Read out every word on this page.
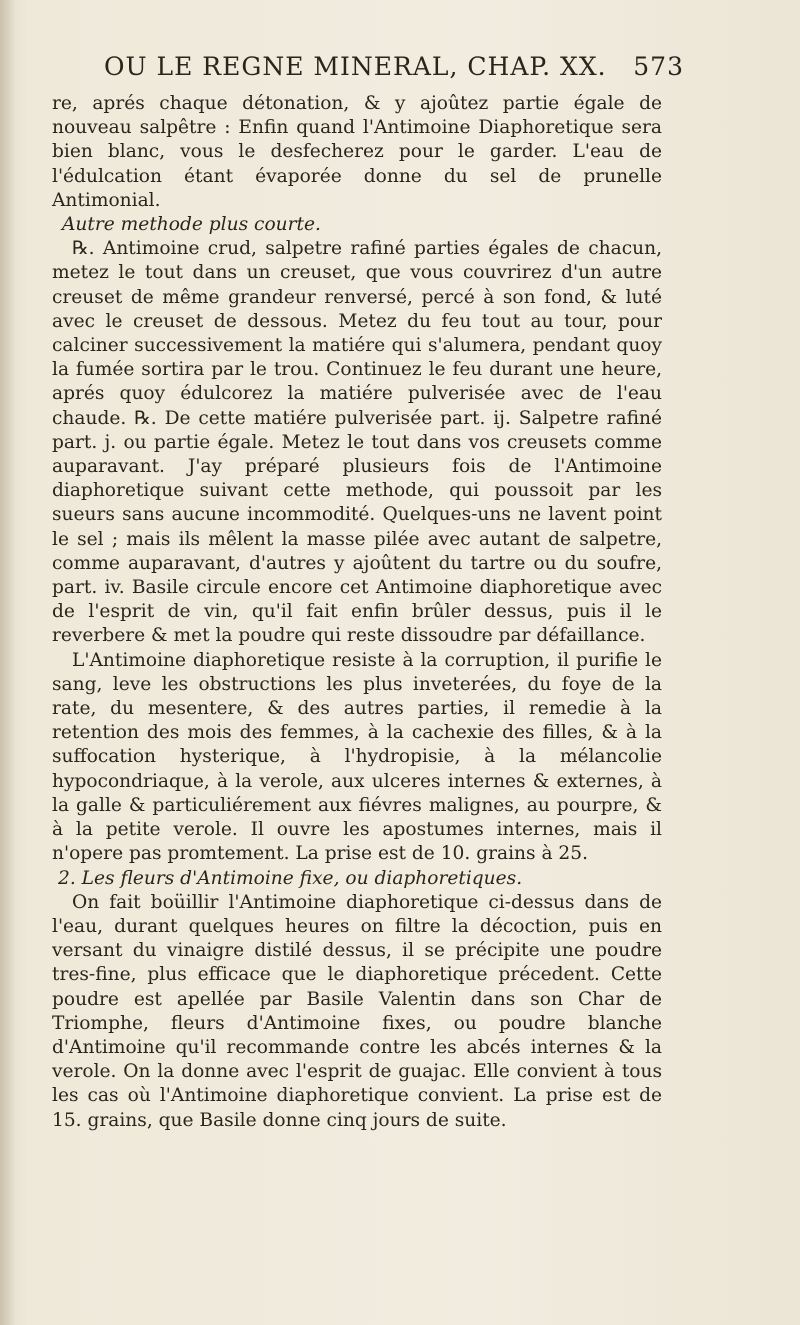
OU LE REGNE MINERAL, CHAP. XX. 573

re, aprés chaque détonation, & y ajoûtez partie égale de nouveau salpêtre : Enfin quand l'Antimoine Diaphoretique sera bien blanc, vous le desfecherez pour le garder. L'eau de l'édulcation étant évaporée donne du sel de prunelle Antimonial.

Autre methode plus courte.

℞. Antimoine crud, salpetre rafiné parties égales de chacun, metez le tout dans un creuset, que vous couvrirez d'un autre creuset de même grandeur renversé, percé à son fond, & luté avec le creuset de dessous. Metez du feu tout au tour, pour calciner successivement la matiére qui s'alumera, pendant quoy la fumée sortira par le trou. Continuez le feu durant une heure, aprés quoy édulcorez la matiére pulverisée avec de l'eau chaude. ℞. De cette matiére pulverisée part. ij. Salpetre rafiné part. j. ou partie égale. Metez le tout dans vos creusets comme auparavant. J'ay préparé plusieurs fois de l'Antimoine diaphoretique suivant cette methode, qui poussoit par les sueurs sans aucune incommodité. Quelques-uns ne lavent point le sel ; mais ils mêlent la masse pilée avec autant de salpetre, comme auparavant, d'autres y ajoûtent du tartre ou du soufre, part. iv. Basile circule encore cet Antimoine diaphoretique avec de l'esprit de vin, qu'il fait enfin brûler dessus, puis il le reverbere & met la poudre qui reste dissoudre par défaillance.

L'Antimoine diaphoretique resiste à la corruption, il purifie le sang, leve les obstructions les plus inveterées, du foye de la rate, du mesentere, & des autres parties, il remedie à la retention des mois des femmes, à la cachexie des filles, & à la suffocation hysterique, à l'hydropisie, à la mélancolie hypocondriaque, à la verole, aux ulceres internes & externes, à la galle & particuliérement aux fiévres malignes, au pourpre, & à la petite verole. Il ouvre les apostumes internes, mais il n'opere pas promtement. La prise est de 10. grains à 25.

2. Les fleurs d'Antimoine fixe, ou diaphoretiques.

On fait boüillir l'Antimoine diaphoretique ci-dessus dans de l'eau, durant quelques heures on filtre la décoction, puis en versant du vinaigre distilé dessus, il se précipite une poudre tres-fine, plus efficace que le diaphoretique précedent. Cette poudre est apellée par Basile Valentin dans son Char de Triomphe, fleurs d'Antimoine fixes, ou poudre blanche d'Antimoine qu'il recommande contre les abcés internes & la verole. On la donne avec l'esprit de guajac. Elle convient à tous les cas où l'Antimoine diaphoretique convient. La prise est de 15. grains, que Basile donne cinq jours de suite.
